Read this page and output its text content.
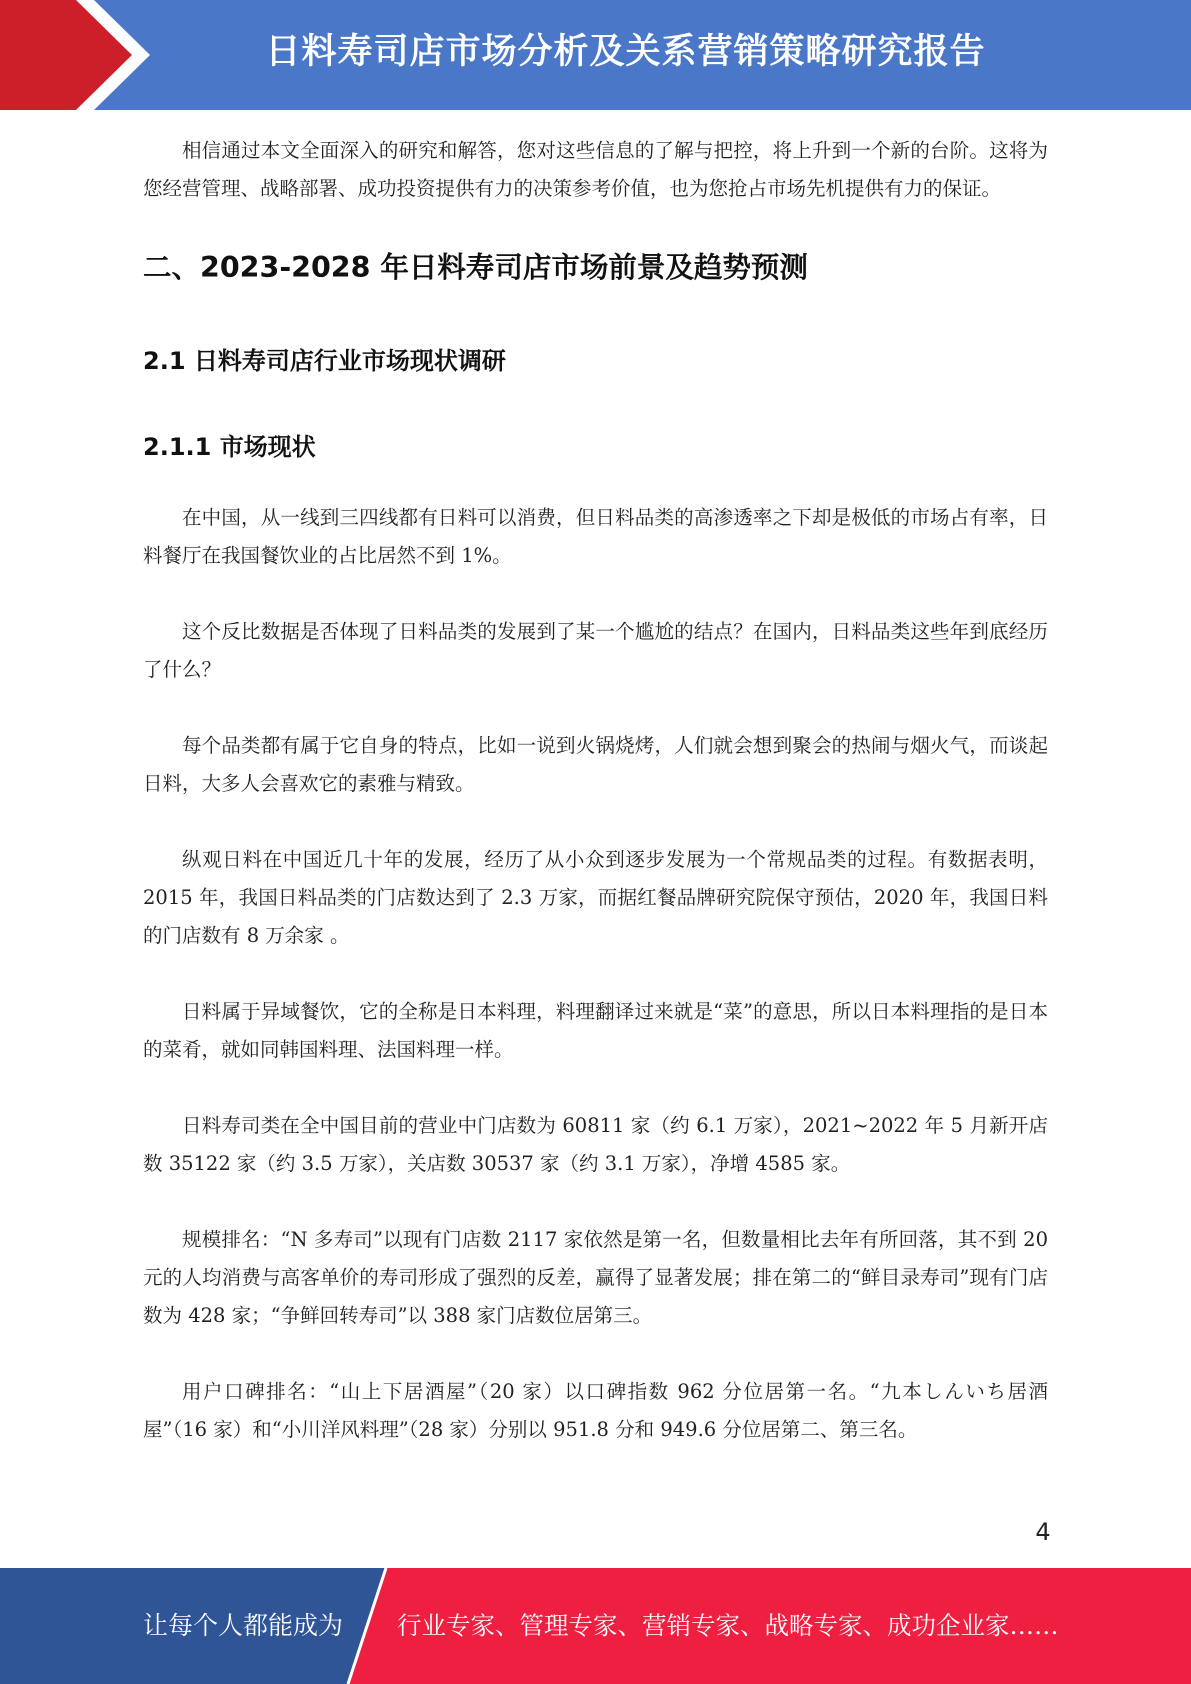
日料寿司店市场分析及关系营销策略研究报告

相信通过本文全面深入的研究和解答，您对这些信息的了解与把控，将上升到一个新的台阶。这将为您经营管理、战略部署、成功投资提供有力的决策参考价值，也为您抢占市场先机提供有力的保证。

二、2023-2028 年日料寿司店市场前景及趋势预测
2.1 日料寿司店行业市场现状调研
2.1.1 市场现状

在中国，从一线到三四线都有日料可以消费，但日料品类的高渗透率之下却是极低的市场占有率，日料餐厅在我国餐饮业的占比居然不到 1%。

这个反比数据是否体现了日料品类的发展到了某一个尴尬的结点？在国内，日料品类这些年到底经历了什么？

每个品类都有属于它自身的特点，比如一说到火锅烧烤，人们就会想到聚会的热闹与烟火气，而谈起日料，大多人会喜欢它的素雅与精致。

纵观日料在中国近几十年的发展，经历了从小众到逐步发展为一个常规品类的过程。有数据表明，2015 年，我国日料品类的门店数达到了 2.3 万家，而据红餐品牌研究院保守预估，2020 年，我国日料的门店数有 8 万余家 。

日料属于异域餐饮，它的全称是日本料理，料理翻译过来就是“菜”的意思，所以日本料理指的是日本的菜肴，就如同韩国料理、法国料理一样。

日料寿司类在全中国目前的营业中门店数为 60811 家（约 6.1 万家），2021~2022 年 5 月新开店数 35122 家（约 3.5 万家），关店数 30537 家（约 3.1 万家），净增 4585 家。

规模排名：“N 多寿司”以现有门店数 2117 家依然是第一名，但数量相比去年有所回落，其不到 20 元的人均消费与高客单价的寿司形成了强烈的反差，赢得了显著发展；排在第二的“鲜目录寿司”现有门店数为 428 家；“争鲜回转寿司”以 388 家门店数位居第三。

用户口碑排名：“山上下居酒屋”（20 家）以口碑指数 962 分位居第一名。“九本しんいち居酒屋”（16 家）和“小川洋风料理”（28 家）分别以 951.8 分和 949.6 分位居第二、第三名。

4
让每个人都能成为 行业专家、管理专家、营销专家、战略专家、成功企业家……
